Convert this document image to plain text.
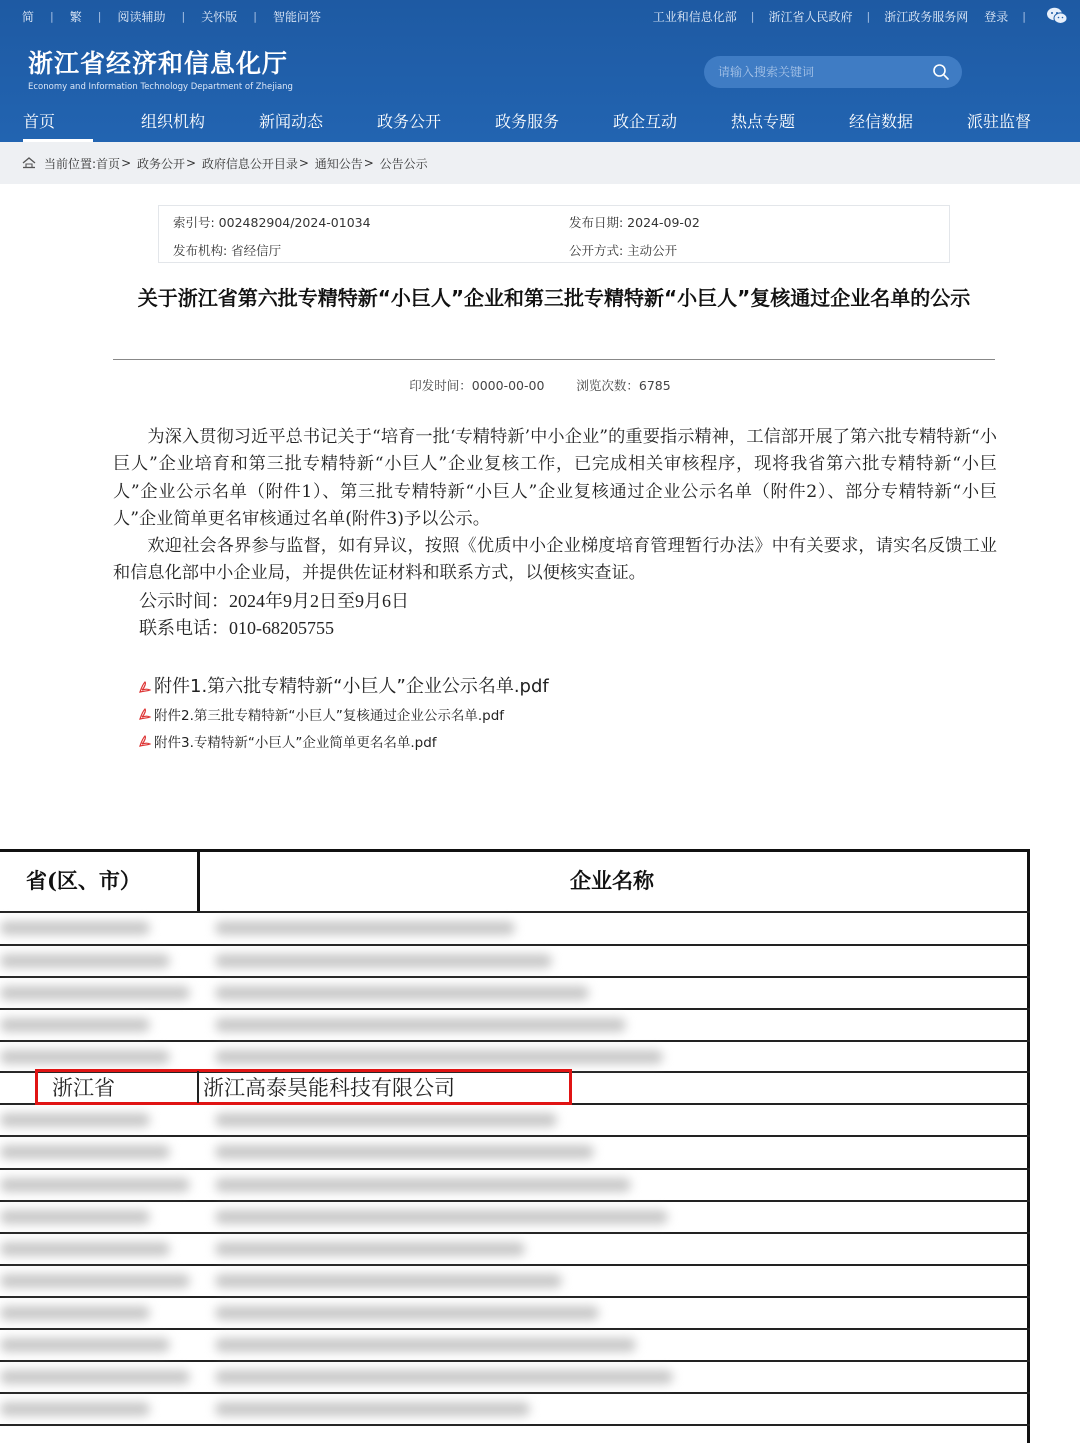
简 | 繁 | 阅读辅助 | 关怀版 | 智能问答	工业和信息化部 | 浙江省人民政府 | 浙江政务服务网 登录 |
浙江省经济和信息化厅
Economy and Information Technology Department of Zhejiang
请输入搜索关键词
首页	组织机构	新闻动态	政务公开	政务服务	政企互动	热点专题	经信数据	派驻监督
当前位置: 首页 >
政务公开 >
政府信息公开目录 >
通知公告 >
公告公示
索引号: 002482904/2024-01034	发布日期: 2024-09-02
发布机构: 省经信厅	公开方式: 主动公开
关于浙江省第六批专精特新“小巨人”企业和第三批专精特新“小巨人”复核通过企业名单的公示
印发时间：0000-00-00	浏览次数：6785

为深入贯彻习近平总书记关于“培育一批‘专精特新’中小企业”的重要指示精神，工信部开展了第六批专精特新“小巨人”企业培育和第三批专精特新“小巨人”企业复核工作，已完成相关审核程序，现将我省第六批专精特新“小巨人”企业公示名单（附件1）、第三批专精特新“小巨人”企业复核通过企业公示名单（附件2）、部分专精特新“小巨人”企业简单更名审核通过名单(附件3)予以公示。

欢迎社会各界参与监督，如有异议，按照《优质中小企业梯度培育管理暂行办法》中有关要求，请实名反馈工业和信息化部中小企业局，并提供佐证材料和联系方式，以便核实查证。

公示时间：2024年9月2日至9月6日

联系电话：010-68205755

附件1.第六批专精特新“小巨人”企业公示名单.pdf
附件2.第三批专精特新“小巨人”复核通过企业公示名单.pdf
附件3.专精特新“小巨人”企业简单更名名单.pdf
省(区、市）	企业名称
浙江省	浙江高泰昊能科技有限公司
